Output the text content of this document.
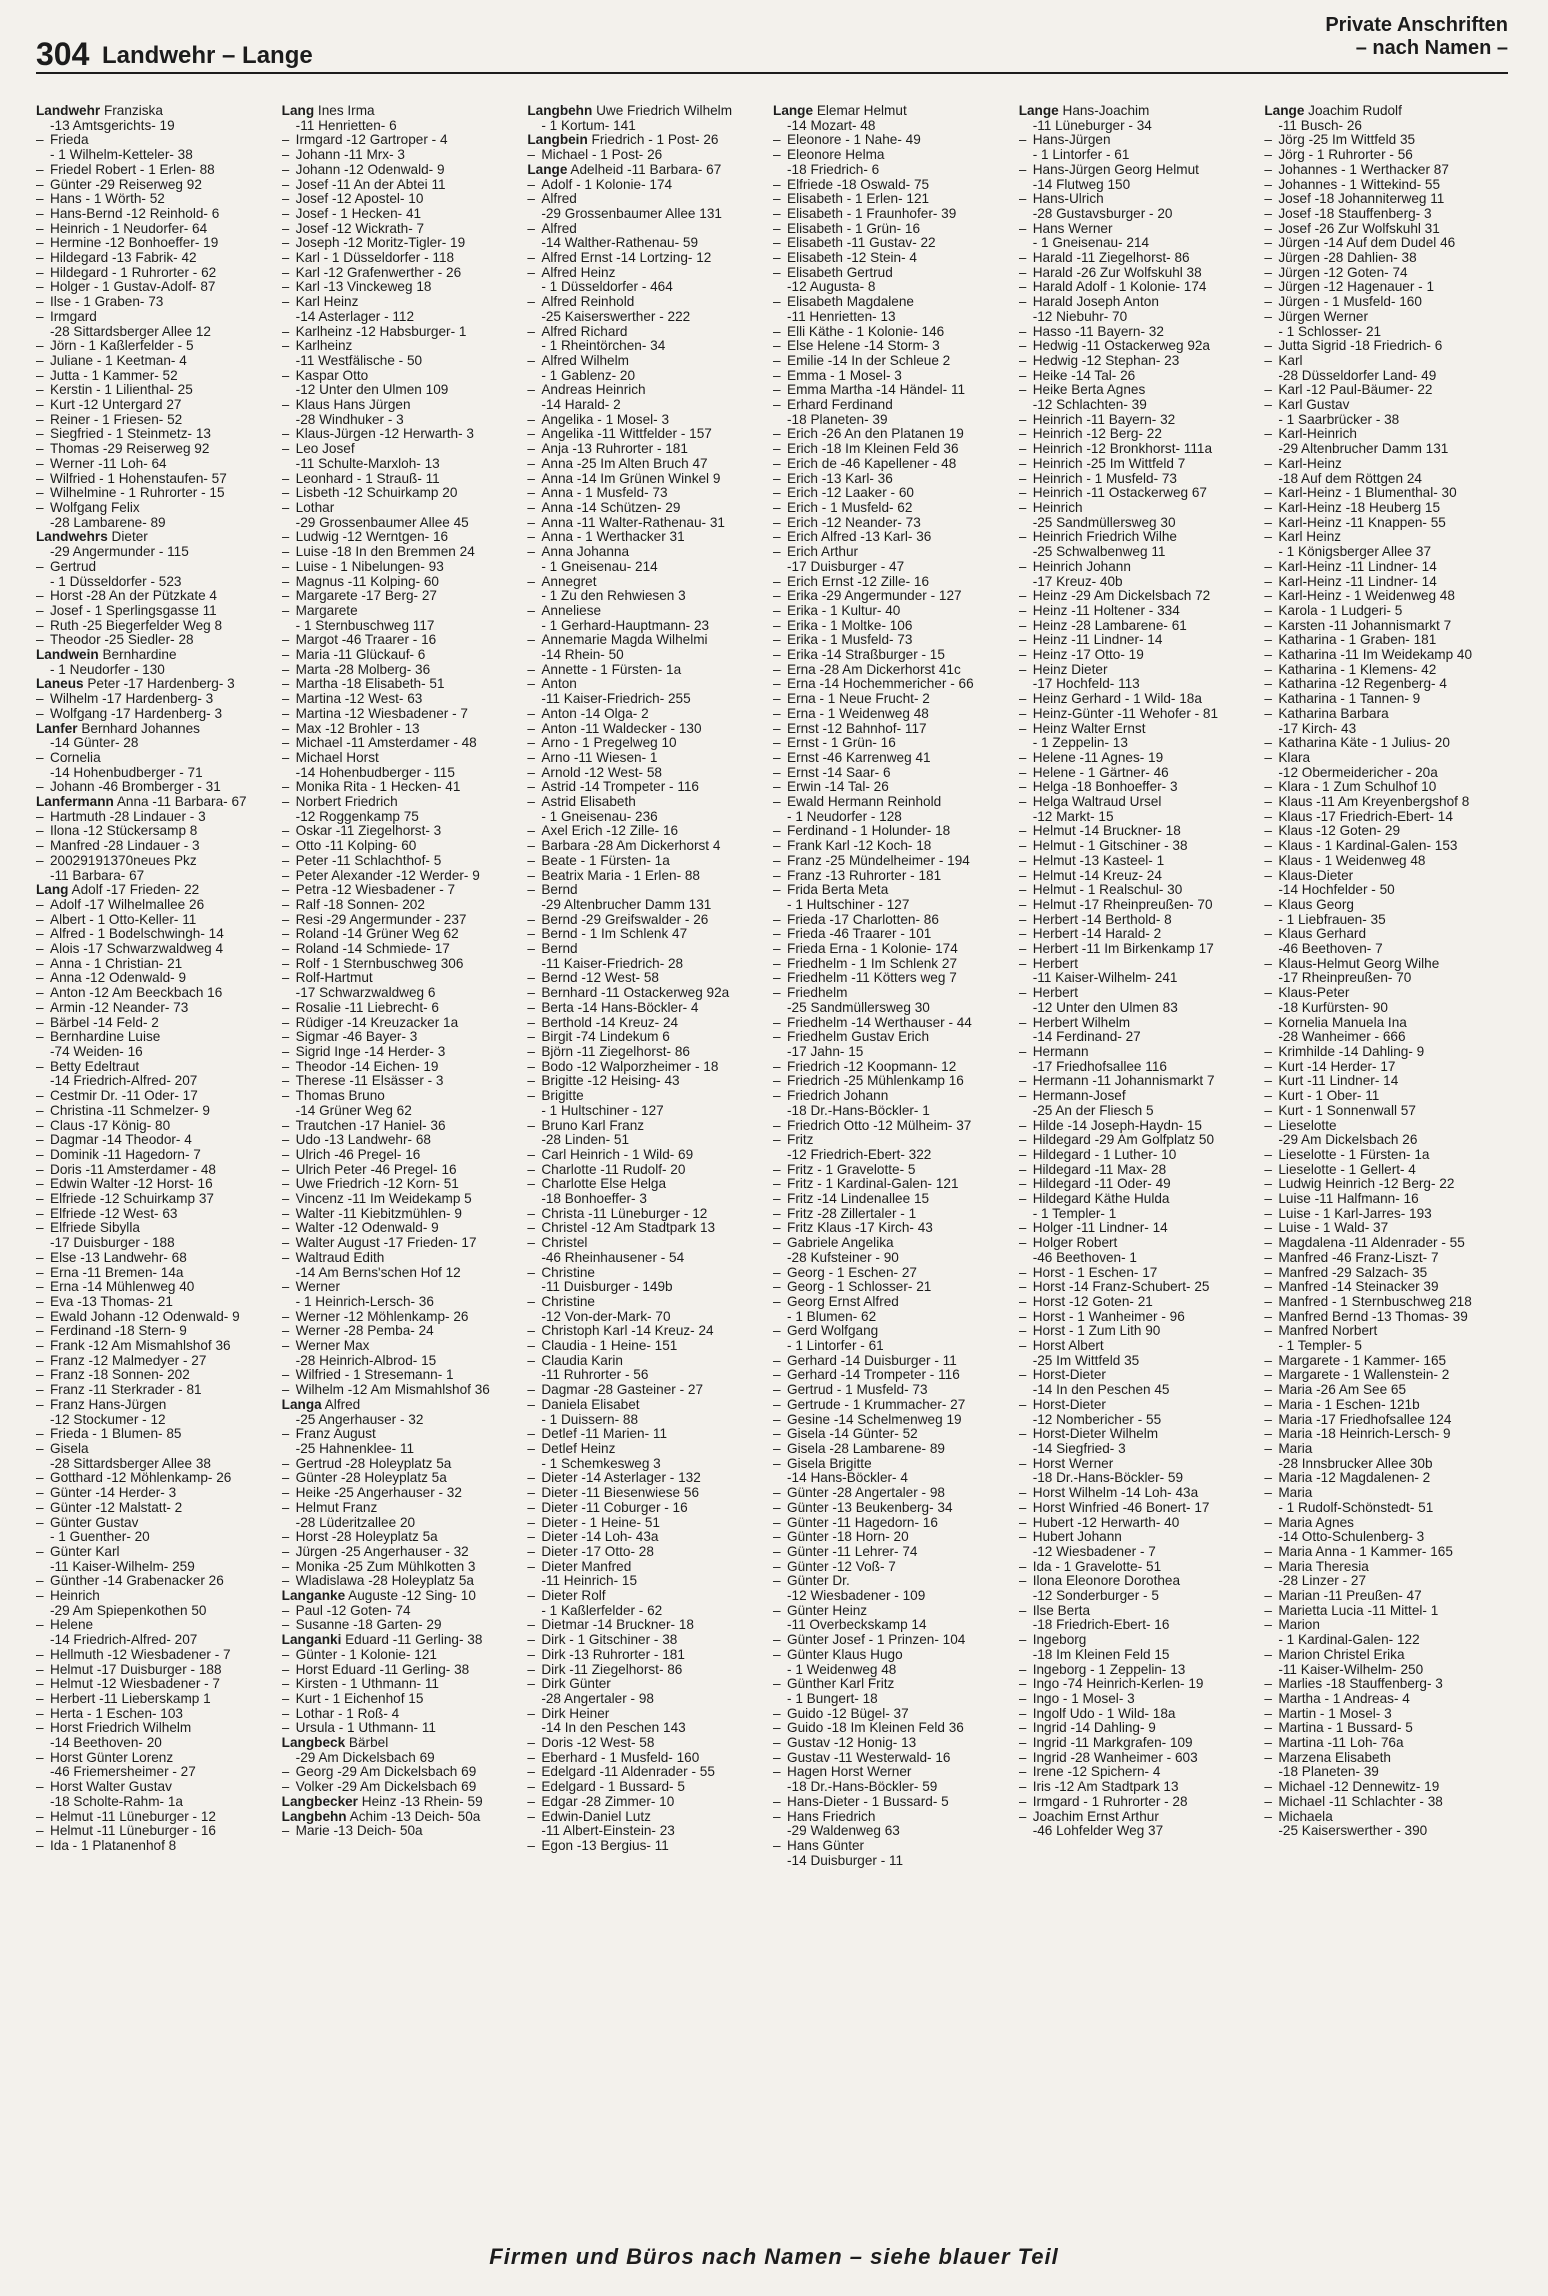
304 Landwehr – Lange
Private Anschriften
– nach Namen –
Landwehr Franziska
-13 Amtsgerichts- 19
– Frieda
- 1 Wilhelm-Ketteler- 38
– Friedel Robert - 1 Erlen- 88
– Günter -29 Reiserweg 92
– Hans - 1 Wörth- 52
– Hans-Bernd -12 Reinhold- 6
– Heinrich - 1 Neudorfer- 64
– Hermine -12 Bonhoeffer- 19
– Hildegard -13 Fabrik- 42
– Hildegard - 1 Ruhrorter - 62
– Holger - 1 Gustav-Adolf- 87
– Ilse - 1 Graben- 73
– Irmgard
-28 Sittardsberger Allee 12
– Jörn - 1 Kaßlerfelder - 5
– Juliane - 1 Keetman- 4
– Jutta - 1 Kammer- 52
– Kerstin - 1 Lilienthal- 25
– Kurt -12 Untergard 27
– Reiner - 1 Friesen- 52
– Siegfried - 1 Steinmetz- 13
– Thomas -29 Reiserweg 92
– Werner -11 Loh- 64
– Wilfried - 1 Hohenstaufen- 57
– Wilhelmine - 1 Ruhrorter - 15
– Wolfgang Felix
-28 Lambarene- 89
Landwehrs Dieter
-29 Angermunder - 115
– Gertrud
- 1 Düsseldorfer - 523
– Horst -28 An der Pützkate 4
– Josef - 1 Sperlingsgasse 11
– Ruth -25 Biegerfelder Weg 8
– Theodor -25 Siedler- 28
Landwein Bernhardine
- 1 Neudorfer - 130
Laneus Peter -17 Hardenberg- 3
– Wilhelm -17 Hardenberg- 3
– Wolfgang -17 Hardenberg- 3
Lanfer Bernhard Johannes
-14 Günter- 28
– Cornelia
-14 Hohenbudberger - 71
– Johann -46 Bromberger - 31
Lanfermann Anna -11 Barbara- 67
– Hartmuth -28 Lindauer - 3
– Ilona -12 Stückersamp 8
– Manfred -28 Lindauer - 3
– 20029191370neues Pkz
-11 Barbara- 67
Lang Adolf -17 Frieden- 22
– Adolf -17 Wilhelmallee 26
– Albert - 1 Otto-Keller- 11
– Alfred - 1 Bodelschwingh- 14
– Alois -17 Schwarzwaldweg 4
– Anna - 1 Christian- 21
– Anna -12 Odenwald- 9
– Anton -12 Am Beeckbach 16
– Armin -12 Neander- 73
– Bärbel -14 Feld- 2
– Bernhardine Luise
-74 Weiden- 16
– Betty Edeltraut
-14 Friedrich-Alfred- 207
– Cestmir Dr. -11 Oder- 17
– Christina -11 Schmelzer- 9
– Claus -17 König- 80
– Dagmar -14 Theodor- 4
– Dominik -11 Hagedorn- 7
– Doris -11 Amsterdamer - 48
– Edwin Walter -12 Horst- 16
– Elfriede -12 Schuirkamp 37
– Elfriede -12 West- 63
– Elfriede Sibylla
-17 Duisburger - 188
– Else -13 Landwehr- 68
– Erna -11 Bremen- 14a
– Erna -14 Mühlenweg 40
– Eva -13 Thomas- 21
– Ewald Johann -12 Odenwald- 9
– Ferdinand -18 Stern- 9
– Frank -12 Am Mismahlshof 36
– Franz -12 Malmedyer - 27
– Franz -18 Sonnen- 202
– Franz -11 Sterkrader - 81
– Franz Hans-Jürgen
-12 Stockumer - 12
– Frieda - 1 Blumen- 85
– Gisela
-28 Sittardsberger Allee 38
– Gotthard -12 Möhlenkamp- 26
– Günter -14 Herder- 3
– Günter -12 Malstatt- 2
– Günter Gustav
- 1 Guenther- 20
– Günter Karl
-11 Kaiser-Wilhelm- 259
– Günther -14 Grabenacker 26
– Heinrich
-29 Am Spiepenkothen 50
– Helene
-14 Friedrich-Alfred- 207
– Hellmuth -12 Wiesbadener - 7
– Helmut -17 Duisburger - 188
– Helmut -12 Wiesbadener - 7
– Herbert -11 Lieberskamp 1
– Herta - 1 Eschen- 103
– Horst Friedrich Wilhelm
-14 Beethoven- 20
– Horst Günter Lorenz
-46 Friemersheimer - 27
– Horst Walter Gustav
-18 Scholte-Rahm- 1a
– Helmut -11 Lüneburger - 12
– Helmut -11 Lüneburger - 16
– Ida - 1 Platanenhof 8
Lang Ines Irma
-11 Henrietten- 6
– Irmgard -12 Gartroper - 4
– Johann -11 Mrx- 3
– Johann -12 Odenwald- 9
– Josef -11 An der Abtei 11
– Josef -12 Apostel- 10
– Josef - 1 Hecken- 41
– Josef -12 Wickrath- 7
– Joseph -12 Moritz-Tigler- 19
– Karl - 1 Düsseldorfer - 118
– Karl -12 Grafenwerther - 26
– Karl -13 Vinckeweg 18
– Karl Heinz
-14 Asterlager - 112
– Karlheinz -12 Habsburger- 1
– Karlheinz
-11 Westfälische - 50
– Kaspar Otto
-12 Unter den Ulmen 109
– Klaus Hans Jürgen
-28 Windhuker - 3
– Klaus-Jürgen -12 Herwarth- 3
– Leo Josef
-11 Schulte-Marxloh- 13
– Leonhard - 1 Strauß- 11
– Lisbeth -12 Schuirkamp 20
– Lothar
-29 Grossenbaumer Allee 45
– Ludwig -12 Werntgen- 16
– Luise -18 In den Bremmen 24
– Luise - 1 Nibelungen- 93
– Magnus -11 Kolping- 60
– Margarete -17 Berg- 27
– Margarete
- 1 Sternbuschweg 117
– Margot -46 Traarer - 16
– Maria -11 Glückauf- 6
– Marta -28 Molberg- 36
– Martha -18 Elisabeth- 51
– Martina -12 West- 63
– Martina -12 Wiesbadener - 7
– Max -12 Brohler - 13
– Michael -11 Amsterdamer - 48
– Michael Horst
-14 Hohenbudberger - 115
– Monika Rita - 1 Hecken- 41
– Norbert Friedrich
-12 Roggenkamp 75
– Oskar -11 Ziegelhorst- 3
– Otto -11 Kolping- 60
– Peter -11 Schlachthof- 5
– Peter Alexander -12 Werder- 9
– Petra -12 Wiesbadener - 7
– Ralf -18 Sonnen- 202
– Resi -29 Angermunder - 237
– Roland -14 Grüner Weg 62
– Roland -14 Schmiede- 17
– Rolf - 1 Sternbuschweg 306
– Rolf-Hartmut
-17 Schwarzwaldweg 6
– Rosalie -11 Liebrecht- 6
– Rüdiger -14 Kreuzacker 1a
– Sigmar -46 Bayer- 3
– Sigrid Inge -14 Herder- 3
– Theodor -14 Eichen- 19
– Therese -11 Elsässer - 3
– Thomas Bruno
-14 Grüner Weg 62
– Trautchen -17 Haniel- 36
– Udo -13 Landwehr- 68
– Ulrich -46 Pregel- 16
– Ulrich Peter -46 Pregel- 16
– Uwe Friedrich -12 Korn- 51
– Vincenz -11 Im Weidekamp 5
– Walter -11 Kiebitzmühlen- 9
– Walter -12 Odenwald- 9
– Walter August -17 Frieden- 17
– Waltraud Edith
-14 Am Berns'schen Hof 12
– Werner
- 1 Heinrich-Lersch- 36
– Werner -12 Möhlenkamp- 26
– Werner -28 Pemba- 24
– Werner Max
-28 Heinrich-Albrod- 15
– Wilfried - 1 Stresemann- 1
– Wilhelm -12 Am Mismahlshof 36
Langa Alfred
-25 Angerhauser - 32
– Franz August
-25 Hahnenklee- 11
– Gertrud -28 Holeyplatz 5a
– Günter -28 Holeyplatz 5a
– Heike -25 Angerhauser - 32
– Helmut Franz
-28 Lüderitzallee 20
– Horst -28 Holeyplatz 5a
– Jürgen -25 Angerhauser - 32
– Monika -25 Zum Mühlkotten 3
– Wladislawa -28 Holeyplatz 5a
Langanke Auguste -12 Sing- 10
– Paul -12 Goten- 74
– Susanne -18 Garten- 29
Langanki Eduard -11 Gerling- 38
– Günter - 1 Kolonie- 121
– Horst Eduard -11 Gerling- 38
– Kirsten - 1 Uthmann- 11
– Kurt - 1 Eichenhof 15
– Lothar - 1 Roß- 4
– Ursula - 1 Uthmann- 11
Langbeck Bärbel
-29 Am Dickelsbach 69
– Georg -29 Am Dickelsbach 69
– Volker -29 Am Dickelsbach 69
Langbecker Heinz -13 Rhein- 59
Langbehn Achim -13 Deich- 50a
– Marie -13 Deich- 50a
Langbehn Uwe Friedrich Wilhelm
- 1 Kortum- 141
Langbein Friedrich - 1 Post- 26
– Michael - 1 Post- 26
Lange Adelheid -11 Barbara- 67
– Adolf - 1 Kolonie- 174
– Alfred
-29 Grossenbaumer Allee 131
– Alfred
-14 Walther-Rathenau- 59
– Alfred Ernst -14 Lortzing- 12
– Alfred Heinz
- 1 Düsseldorfer - 464
– Alfred Reinhold
-25 Kaiserswerther - 222
– Alfred Richard
- 1 Rheintörchen- 34
– Alfred Wilhelm
- 1 Gablenz- 20
– Andreas Heinrich
-14 Harald- 2
– Angelika - 1 Mosel- 3
– Angelika -11 Wittfelder - 157
– Anja -13 Ruhrorter - 181
– Anna -25 Im Alten Bruch 47
– Anna -14 Im Grünen Winkel 9
– Anna - 1 Musfeld- 73
– Anna -14 Schützen- 29
– Anna -11 Walter-Rathenau- 31
– Anna - 1 Werthacker 31
– Anna Johanna
- 1 Gneisenau- 214
– Annegret
- 1 Zu den Rehwiesen 3
– Anneliese
- 1 Gerhard-Hauptmann- 23
– Annemarie Magda Wilhelmi
-14 Rhein- 50
– Annette - 1 Fürsten- 1a
– Anton
-11 Kaiser-Friedrich- 255
– Anton -14 Olga- 2
– Anton -11 Waldecker - 130
– Arno - 1 Pregelweg 10
– Arno -11 Wiesen- 1
– Arnold -12 West- 58
– Astrid -14 Trompeter - 116
– Astrid Elisabeth
- 1 Gneisenau- 236
– Axel Erich -12 Zille- 16
– Barbara -28 Am Dickerhorst 4
– Beate - 1 Fürsten- 1a
– Beatrix Maria - 1 Erlen- 88
– Bernd
-29 Altenbrucher Damm 131
– Bernd -29 Greifswalder - 26
– Bernd - 1 Im Schlenk 47
– Bernd
-11 Kaiser-Friedrich- 28
– Bernd -12 West- 58
– Bernhard -11 Ostackerweg 92a
– Berta -14 Hans-Böckler- 4
– Berthold -14 Kreuz- 24
– Birgit -74 Lindekum 6
– Björn -11 Ziegelhorst- 86
– Bodo -12 Walporzheimer - 18
– Brigitte -12 Heising- 43
– Brigitte
- 1 Hultschiner - 127
– Bruno Karl Franz
-28 Linden- 51
– Carl Heinrich - 1 Wild- 69
– Charlotte -11 Rudolf- 20
– Charlotte Else Helga
-18 Bonhoeffer- 3
– Christa -11 Lüneburger - 12
– Christel -12 Am Stadtpark 13
– Christel
-46 Rheinhausener - 54
– Christine
-11 Duisburger - 149b
– Christine
-12 Von-der-Mark- 70
– Christoph Karl -14 Kreuz- 24
– Claudia - 1 Heine- 151
– Claudia Karin
-11 Ruhrorter - 56
– Dagmar -28 Gasteiner - 27
– Daniela Elisabet
- 1 Duissern- 88
– Detlef -11 Marien- 11
– Detlef Heinz
- 1 Schemkesweg 3
– Dieter -14 Asterlager - 132
– Dieter -11 Biesenwiese 56
– Dieter -11 Coburger - 16
– Dieter - 1 Heine- 51
– Dieter -14 Loh- 43a
– Dieter -17 Otto- 28
– Dieter Manfred
-11 Heinrich- 15
– Dieter Rolf
- 1 Kaßlerfelder - 62
– Dietmar -14 Bruckner- 18
– Dirk - 1 Gitschiner - 38
– Dirk -13 Ruhrorter - 181
– Dirk -11 Ziegelhorst- 86
– Dirk Günter
-28 Angertaler - 98
– Dirk Heiner
-14 In den Peschen 143
– Doris -12 West- 58
– Eberhard - 1 Musfeld- 160
– Edelgard -11 Aldenrader - 55
– Edelgard - 1 Bussard- 5
– Edgar -28 Zimmer- 10
– Edwin-Daniel Lutz
-11 Albert-Einstein- 23
– Egon -13 Bergius- 11
Lange Elemar Helmut
-14 Mozart- 48
– Eleonore - 1 Nahe- 49
– Eleonore Helma
-18 Friedrich- 6
– Elfriede -18 Oswald- 75
– Elisabeth - 1 Erlen- 121
– Elisabeth - 1 Fraunhofer- 39
– Elisabeth - 1 Grün- 16
– Elisabeth -11 Gustav- 22
– Elisabeth -12 Stein- 4
– Elisabeth Gertrud
-12 Augusta- 8
– Elisabeth Magdalene
-11 Henrietten- 13
– Elli Käthe - 1 Kolonie- 146
– Else Helene -14 Storm- 3
– Emilie -14 In der Schleue 2
– Emma - 1 Mosel- 3
– Emma Martha -14 Händel- 11
– Erhard Ferdinand
-18 Planeten- 39
– Erich -26 An den Platanen 19
– Erich -18 Im Kleinen Feld 36
– Erich de -46 Kapellener - 48
– Erich -13 Karl- 36
– Erich -12 Laaker - 60
– Erich - 1 Musfeld- 62
– Erich -12 Neander- 73
– Erich Alfred -13 Karl- 36
– Erich Arthur
-17 Duisburger - 47
– Erich Ernst -12 Zille- 16
– Erika -29 Angermunder - 127
– Erika - 1 Kultur- 40
– Erika - 1 Moltke- 106
– Erika - 1 Musfeld- 73
– Erika -14 Straßburger - 15
– Erna -28 Am Dickerhorst 41c
– Erna -14 Hochemmericher - 66
– Erna - 1 Neue Frucht- 2
– Erna - 1 Weidenweg 48
– Ernst -12 Bahnhof- 117
– Ernst - 1 Grün- 16
– Ernst -46 Karrenweg 41
– Ernst -14 Saar- 6
– Erwin -14 Tal- 26
– Ewald Hermann Reinhold
- 1 Neudorfer - 128
– Ferdinand - 1 Holunder- 18
– Frank Karl -12 Koch- 18
– Franz -25 Mündelheimer - 194
– Franz -13 Ruhrorter - 181
– Frida Berta Meta
- 1 Hultschiner - 127
– Frieda -17 Charlotten- 86
– Frieda -46 Traarer - 101
– Frieda Erna - 1 Kolonie- 174
– Friedhelm - 1 Im Schlenk 27
– Friedhelm -11 Kötters weg 7
– Friedhelm
-25 Sandmüllersweg 30
– Friedhelm -14 Werthauser - 44
– Friedhelm Gustav Erich
-17 Jahn- 15
– Friedrich -12 Koopmann- 12
– Friedrich -25 Mühlenkamp 16
– Friedrich Johann
-18 Dr.-Hans-Böckler- 1
– Friedrich Otto -12 Mülheim- 37
– Fritz
-12 Friedrich-Ebert- 322
– Fritz - 1 Gravelotte- 5
– Fritz - 1 Kardinal-Galen- 121
– Fritz -14 Lindenallee 15
– Fritz -28 Zillertaler - 1
– Fritz Klaus -17 Kirch- 43
– Gabriele Angelika
-28 Kufsteiner - 90
– Georg - 1 Eschen- 27
– Georg - 1 Schlosser- 21
– Georg Ernst Alfred
- 1 Blumen- 62
– Gerd Wolfgang
- 1 Lintorfer - 61
– Gerhard -14 Duisburger - 11
– Gerhard -14 Trompeter - 116
– Gertrud - 1 Musfeld- 73
– Gertrude - 1 Krummacher- 27
– Gesine -14 Schelmenweg 19
– Gisela -14 Günter- 52
– Gisela -28 Lambarene- 89
– Gisela Brigitte
-14 Hans-Böckler- 4
– Günter -28 Angertaler - 98
– Günter -13 Beukenberg- 34
– Günter -11 Hagedorn- 16
– Günter -18 Horn- 20
– Günter -11 Lehrer- 74
– Günter -12 Voß- 7
– Günter Dr.
-12 Wiesbadener - 109
– Günter Heinz
-11 Overbeckskamp 14
– Günter Josef - 1 Prinzen- 104
– Günter Klaus Hugo
- 1 Weidenweg 48
– Günther Karl Fritz
- 1 Bungert- 18
– Guido -12 Bügel- 37
– Guido -18 Im Kleinen Feld 36
– Gustav -12 Honig- 13
– Gustav -11 Westerwald- 16
– Hagen Horst Werner
-18 Dr.-Hans-Böckler- 59
– Hans-Dieter - 1 Bussard- 5
– Hans Friedrich
-29 Waldenweg 63
– Hans Günter
-14 Duisburger - 11
Lange Hans-Joachim
-11 Lüneburger - 34
– Hans-Jürgen
- 1 Lintorfer - 61
– Hans-Jürgen Georg Helmut
-14 Flutweg 150
– Hans-Ulrich
-28 Gustavsburger - 20
– Hans Werner
- 1 Gneisenau- 214
– Harald -11 Ziegelhorst- 86
– Harald -26 Zur Wolfskuhl 38
– Harald Adolf - 1 Kolonie- 174
– Harald Joseph Anton
-12 Niebuhr- 70
– Hasso -11 Bayern- 32
– Hedwig -11 Ostackerweg 92a
– Hedwig -12 Stephan- 23
– Heike -14 Tal- 26
– Heike Berta Agnes
-12 Schlachten- 39
– Heinrich -11 Bayern- 32
– Heinrich -12 Berg- 22
– Heinrich -12 Bronkhorst- 111a
– Heinrich -25 Im Wittfeld 7
– Heinrich - 1 Musfeld- 73
– Heinrich -11 Ostackerweg 67
– Heinrich
-25 Sandmüllersweg 30
– Heinrich Friedrich Wilhe
-25 Schwalbenweg 11
– Heinrich Johann
-17 Kreuz- 40b
– Heinz -29 Am Dickelsbach 72
– Heinz -11 Holtener - 334
– Heinz -28 Lambarene- 61
– Heinz -11 Lindner- 14
– Heinz -17 Otto- 19
– Heinz Dieter
-17 Hochfeld- 113
– Heinz Gerhard - 1 Wild- 18a
– Heinz-Günter -11 Wehofer - 81
– Heinz Walter Ernst
- 1 Zeppelin- 13
– Helene -11 Agnes- 19
– Helene - 1 Gärtner- 46
– Helga -18 Bonhoeffer- 3
– Helga Waltraud Ursel
-12 Markt- 15
– Helmut -14 Bruckner- 18
– Helmut - 1 Gitschiner - 38
– Helmut -13 Kasteel- 1
– Helmut -14 Kreuz- 24
– Helmut - 1 Realschul- 30
– Helmut -17 Rheinpreußen- 70
– Herbert -14 Berthold- 8
– Herbert -14 Harald- 2
– Herbert -11 Im Birkenkamp 17
– Herbert
-11 Kaiser-Wilhelm- 241
– Herbert
-12 Unter den Ulmen 83
– Herbert Wilhelm
-14 Ferdinand- 27
– Hermann
-17 Friedhofsallee 116
– Hermann -11 Johannismarkt 7
– Hermann-Josef
-25 An der Fliesch 5
– Hilde -14 Joseph-Haydn- 15
– Hildegard -29 Am Golfplatz 50
– Hildegard - 1 Luther- 10
– Hildegard -11 Max- 28
– Hildegard -11 Oder- 49
– Hildegard Käthe Hulda
- 1 Templer- 1
– Holger -11 Lindner- 14
– Holger Robert
-46 Beethoven- 1
– Horst - 1 Eschen- 17
– Horst -14 Franz-Schubert- 25
– Horst -12 Goten- 21
– Horst - 1 Wanheimer - 96
– Horst - 1 Zum Lith 90
– Horst Albert
-25 Im Wittfeld 35
– Horst-Dieter
-14 In den Peschen 45
– Horst-Dieter
-12 Nombericher - 55
– Horst-Dieter Wilhelm
-14 Siegfried- 3
– Horst Werner
-18 Dr.-Hans-Böckler- 59
– Horst Wilhelm -14 Loh- 43a
– Horst Winfried -46 Bonert- 17
– Hubert -12 Herwarth- 40
– Hubert Johann
-12 Wiesbadener - 7
– Ida - 1 Gravelotte- 51
– Ilona Eleonore Dorothea
-12 Sonderburger - 5
– Ilse Berta
-18 Friedrich-Ebert- 16
– Ingeborg
-18 Im Kleinen Feld 15
– Ingeborg - 1 Zeppelin- 13
– Ingo -74 Heinrich-Kerlen- 19
– Ingo - 1 Mosel- 3
– Ingolf Udo - 1 Wild- 18a
– Ingrid -14 Dahling- 9
– Ingrid -11 Markgrafen- 109
– Ingrid -28 Wanheimer - 603
– Irene -12 Spichern- 4
– Iris -12 Am Stadtpark 13
– Irmgard - 1 Ruhrorter - 28
– Joachim Ernst Arthur
-46 Lohfelder Weg 37
Lange Joachim Rudolf
-11 Busch- 26
– Jörg -25 Im Wittfeld 35
– Jörg - 1 Ruhrorter - 56
– Johannes - 1 Werthacker 87
– Johannes - 1 Wittekind- 55
– Josef -18 Johanniterweg 11
– Josef -18 Stauffenberg- 3
– Josef -26 Zur Wolfskuhl 31
– Jürgen -14 Auf dem Dudel 46
– Jürgen -28 Dahlien- 38
– Jürgen -12 Goten- 74
– Jürgen -12 Hagenauer - 1
– Jürgen - 1 Musfeld- 160
– Jürgen Werner
- 1 Schlosser- 21
– Jutta Sigrid -18 Friedrich- 6
– Karl
-28 Düsseldorfer Land- 49
– Karl -12 Paul-Bäumer- 22
– Karl Gustav
- 1 Saarbrücker - 38
– Karl-Heinrich
-29 Altenbrucher Damm 131
– Karl-Heinz
-18 Auf dem Röttgen 24
– Karl-Heinz - 1 Blumenthal- 30
– Karl-Heinz -18 Heuberg 15
– Karl-Heinz -11 Knappen- 55
– Karl Heinz
- 1 Königsberger Allee 37
– Karl-Heinz -11 Lindner- 14
– Karl-Heinz -11 Lindner- 14
– Karl-Heinz - 1 Weidenweg 48
– Karola - 1 Ludgeri- 5
– Karsten -11 Johannismarkt 7
– Katharina - 1 Graben- 181
– Katharina -11 Im Weidekamp 40
– Katharina - 1 Klemens- 42
– Katharina -12 Regenberg- 4
– Katharina - 1 Tannen- 9
– Katharina Barbara
-17 Kirch- 43
– Katharina Käte - 1 Julius- 20
– Klara
-12 Obermeidericher - 20a
– Klara - 1 Zum Schulhof 10
– Klaus -11 Am Kreyenbergshof 8
– Klaus -17 Friedrich-Ebert- 14
– Klaus -12 Goten- 29
– Klaus - 1 Kardinal-Galen- 153
– Klaus - 1 Weidenweg 48
– Klaus-Dieter
-14 Hochfelder - 50
– Klaus Georg
- 1 Liebfrauen- 35
– Klaus Gerhard
-46 Beethoven- 7
– Klaus-Helmut Georg Wilhe
-17 Rheinpreußen- 70
– Klaus-Peter
-18 Kurfürsten- 90
– Kornelia Manuela Ina
-28 Wanheimer - 666
– Krimhilde -14 Dahling- 9
– Kurt -14 Herder- 17
– Kurt -11 Lindner- 14
– Kurt - 1 Ober- 11
– Kurt - 1 Sonnenwall 57
– Lieselotte
-29 Am Dickelsbach 26
– Lieselotte - 1 Fürsten- 1a
– Lieselotte - 1 Gellert- 4
– Ludwig Heinrich -12 Berg- 22
– Luise -11 Halfmann- 16
– Luise - 1 Karl-Jarres- 193
– Luise - 1 Wald- 37
– Magdalena -11 Aldenrader - 55
– Manfred -46 Franz-Liszt- 7
– Manfred -29 Salzach- 35
– Manfred -14 Steinacker 39
– Manfred - 1 Sternbuschweg 218
– Manfred Bernd -13 Thomas- 39
– Manfred Norbert
- 1 Templer- 5
– Margarete - 1 Kammer- 165
– Margarete - 1 Wallenstein- 2
– Maria -26 Am See 65
– Maria - 1 Eschen- 121b
– Maria -17 Friedhofsallee 124
– Maria -18 Heinrich-Lersch- 9
– Maria
-28 Innsbrucker Allee 30b
– Maria -12 Magdalenen- 2
– Maria
- 1 Rudolf-Schönstedt- 51
– Maria Agnes
-14 Otto-Schulenberg- 3
– Maria Anna - 1 Kammer- 165
– Maria Theresia
-28 Linzer - 27
– Marian -11 Preußen- 47
– Marietta Lucia -11 Mittel- 1
– Marion
- 1 Kardinal-Galen- 122
– Marion Christel Erika
-11 Kaiser-Wilhelm- 250
– Marlies -18 Stauffenberg- 3
– Martha - 1 Andreas- 4
– Martin - 1 Mosel- 3
– Martina - 1 Bussard- 5
– Martina -11 Loh- 76a
– Marzena Elisabeth
-18 Planeten- 39
– Michael -12 Dennewitz- 19
– Michael -11 Schlachter - 38
– Michaela
-25 Kaiserswerther - 390
Firmen und Büros nach Namen – siehe blauer Teil
